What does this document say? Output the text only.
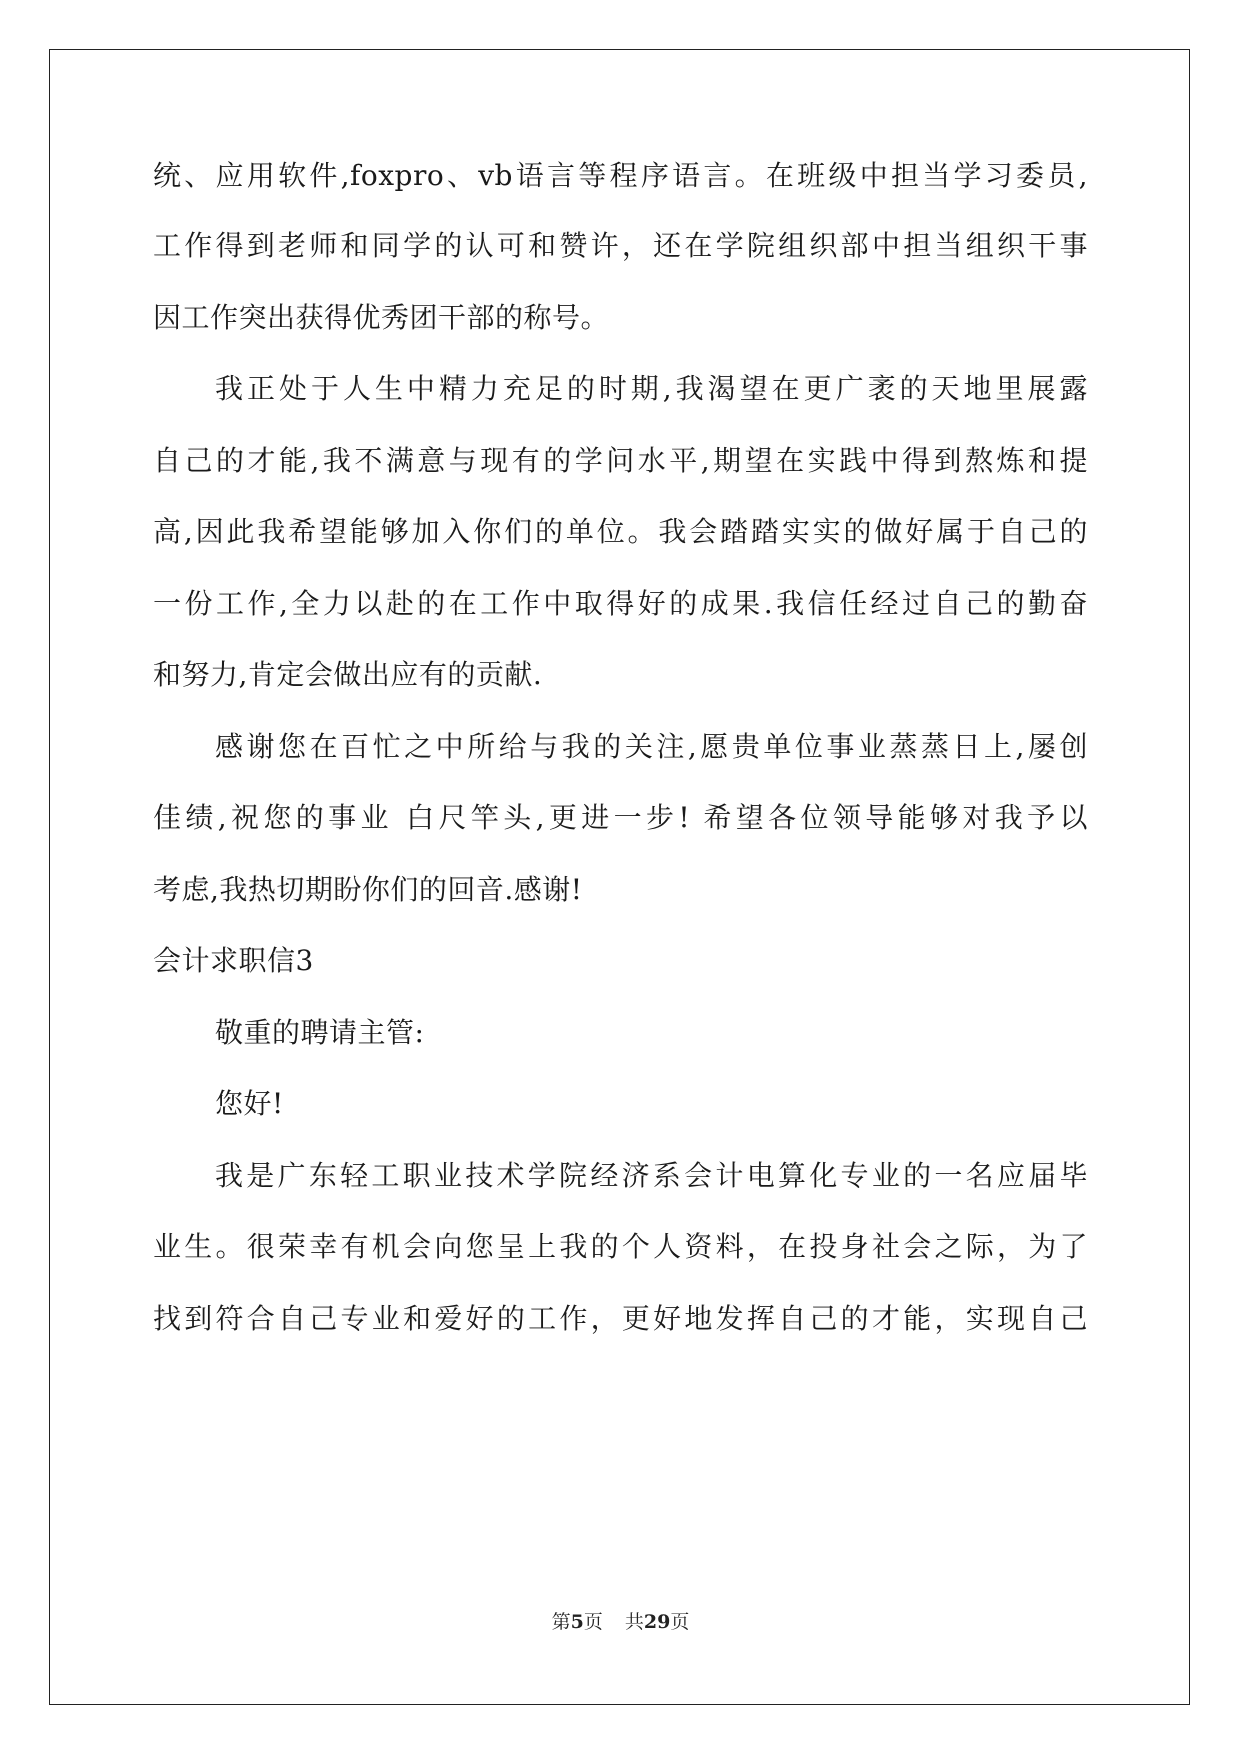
统、应用软件,foxpro、vb语言等程序语言。在班级中担当学习委员,
工作得到老师和同学的认可和赞许，还在学院组织部中担当组织干事
因工作突出获得优秀团干部的称号。
我正处于人生中精力充足的时期,我渴望在更广袤的天地里展露
自己的才能,我不满意与现有的学问水平,期望在实践中得到熬炼和提
高,因此我希望能够加入你们的单位。我会踏踏实实的做好属于自己的
一份工作,全力以赴的在工作中取得好的成果.我信任经过自己的勤奋
和努力,肯定会做出应有的贡献.
感谢您在百忙之中所给与我的关注,愿贵单位事业蒸蒸日上,屡创
佳绩,祝您的事业 白尺竿头,更进一步! 希望各位领导能够对我予以
考虑,我热切期盼你们的回音.感谢!
会计求职信3
敬重的聘请主管:
您好!
我是广东轻工职业技术学院经济系会计电算化专业的一名应届毕
业生。很荣幸有机会向您呈上我的个人资料，在投身社会之际，为了
找到符合自己专业和爱好的工作，更好地发挥自己的才能，实现自己
第5页 共29页
